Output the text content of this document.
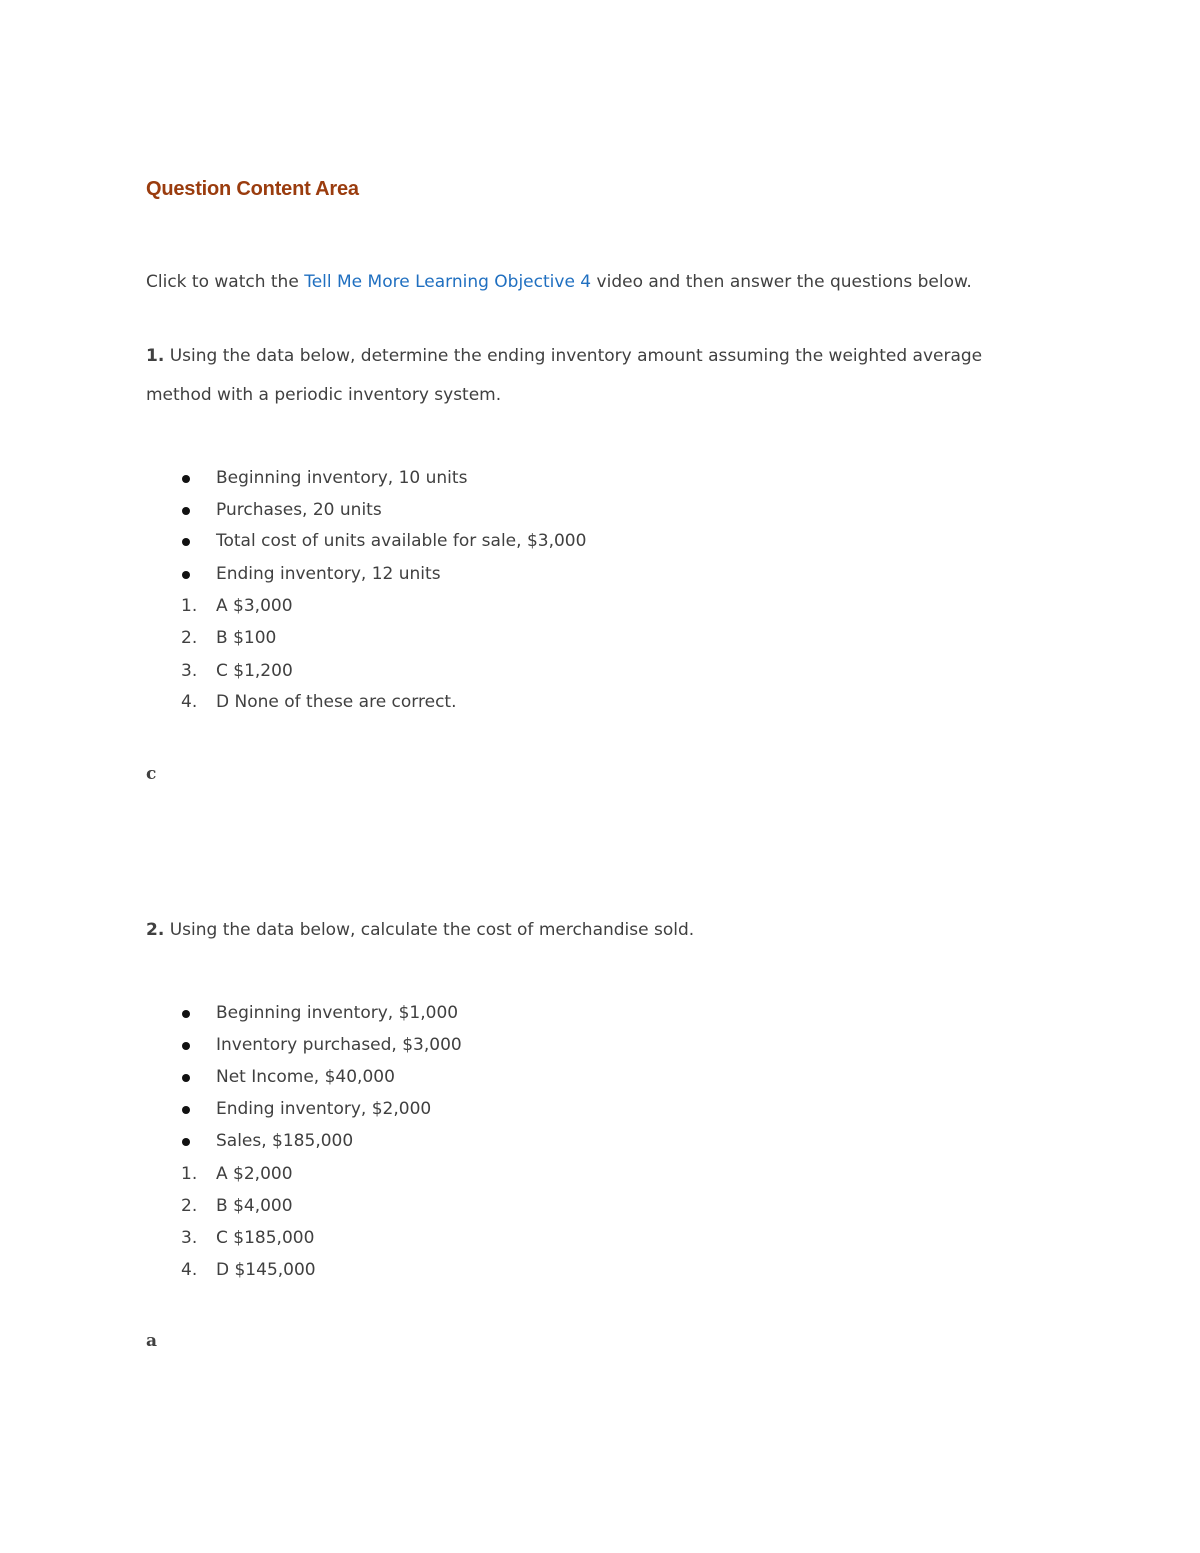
Question Content Area
Click to watch the Tell Me More Learning Objective 4 video and then answer the questions below.
1. Using the data below, determine the ending inventory amount assuming the weighted average
method with a periodic inventory system.
Beginning inventory, 10 units
Purchases, 20 units
Total cost of units available for sale, $3,000
Ending inventory, 12 units
1. A $3,000
2. B $100
3. C $1,200
4. D None of these are correct.
c
2. Using the data below, calculate the cost of merchandise sold.
Beginning inventory, $1,000
Inventory purchased, $3,000
Net Income, $40,000
Ending inventory, $2,000
Sales, $185,000
1. A $2,000
2. B $4,000
3. C $185,000
4. D $145,000
a
